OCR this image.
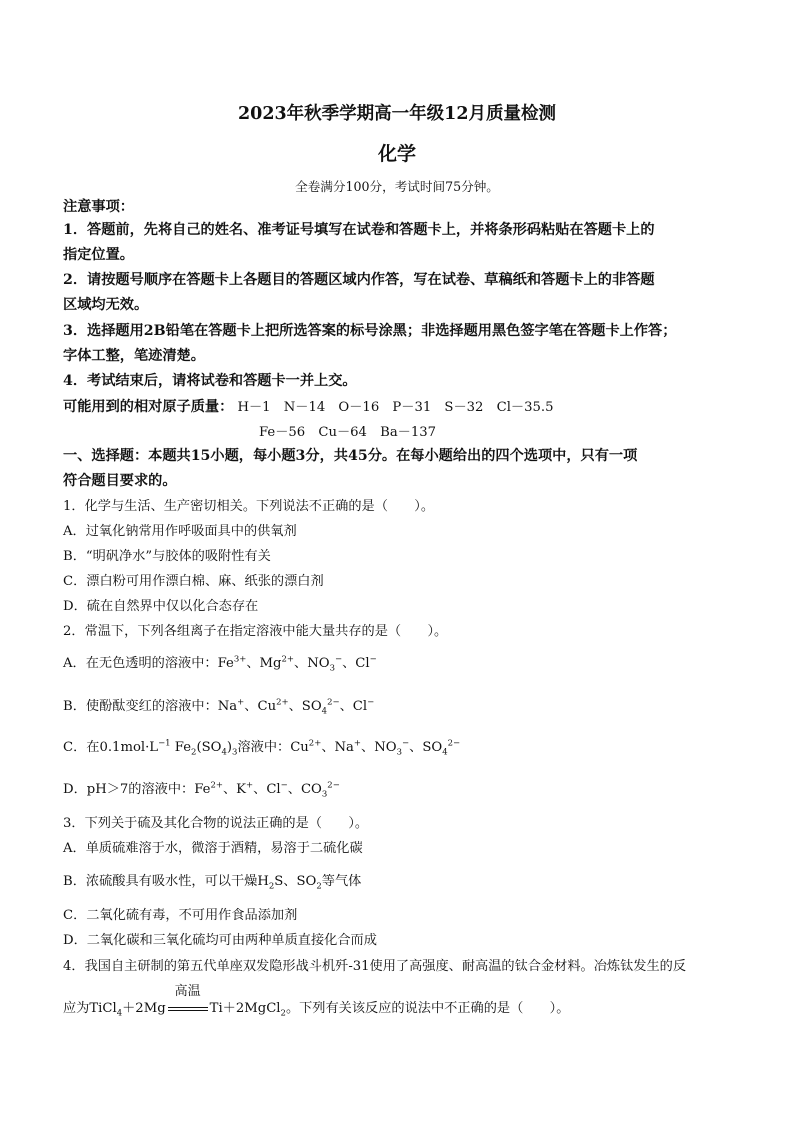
2023年秋季学期高一年级12月质量检测
化学
全卷满分100分，考试时间75分钟。
注意事项：
1．答题前，先将自己的姓名、准考证号填写在试卷和答题卡上，并将条形码粘贴在答题卡上的
指定位置。
2．请按题号顺序在答题卡上各题目的答题区域内作答，写在试卷、草稿纸和答题卡上的非答题
区域均无效。
3．选择题用2B铅笔在答题卡上把所选答案的标号涂黑；非选择题用黑色签字笔在答题卡上作答；
字体工整，笔迹清楚。
4．考试结束后，请将试卷和答题卡一并上交。
可能用到的相对原子质量： H－1　N－14　O－16　P－31　S－32　Cl－35.5
Fe－56　Cu－64　Ba－137
一、选择题：本题共15小题，每小题3分，共45分。在每小题给出的四个选项中，只有一项
符合题目要求的。
1．化学与生活、生产密切相关。下列说法不正确的是（　　）。
A．过氧化钠常用作呼吸面具中的供氧剂
B．“明矾净水”与胶体的吸附性有关
C．漂白粉可用作漂白棉、麻、纸张的漂白剂
D．硫在自然界中仅以化合态存在
2．常温下，下列各组离子在指定溶液中能大量共存的是（　　）。
A．在无色透明的溶液中：$Fe^{3+}$、$Mg^{2+}$、$NO_3^-$、Cl−
B．使酚酞变红的溶液中：Na+、$Cu^{2+}$、$SO_4^{2-}$、Cl−
C．在$0.1mol\cdot L^{-1}$ $Fe_2(SO_4)_3$溶液中：$Cu^{2+}$、Na+、$NO_3^-$、$SO_4^{2-}$
D．pH＞7的溶液中：$Fe^{2+}$、K+、Cl−、$CO_3^{2-}$
3．下列关于硫及其化合物的说法正确的是（　　）。
A．单质硫难溶于水，微溶于酒精，易溶于二硫化碳
B．浓硫酸具有吸水性，可以干燥$H_2S$、$SO_2$等气体
C．二氧化硫有毒，不可用作食品添加剂
D．二氧化碳和三氧化硫均可由两种单质直接化合而成
4．我国自主研制的第五代单座双发隐形战斗机歼-31使用了高强度、耐高温的钛合金材料。冶炼钛发生的反
应为TiCl$_4$＋2Mg
高温
Ti＋2MgCl$_2$。下列有关该反应的说法中不正确的是（　　）。
